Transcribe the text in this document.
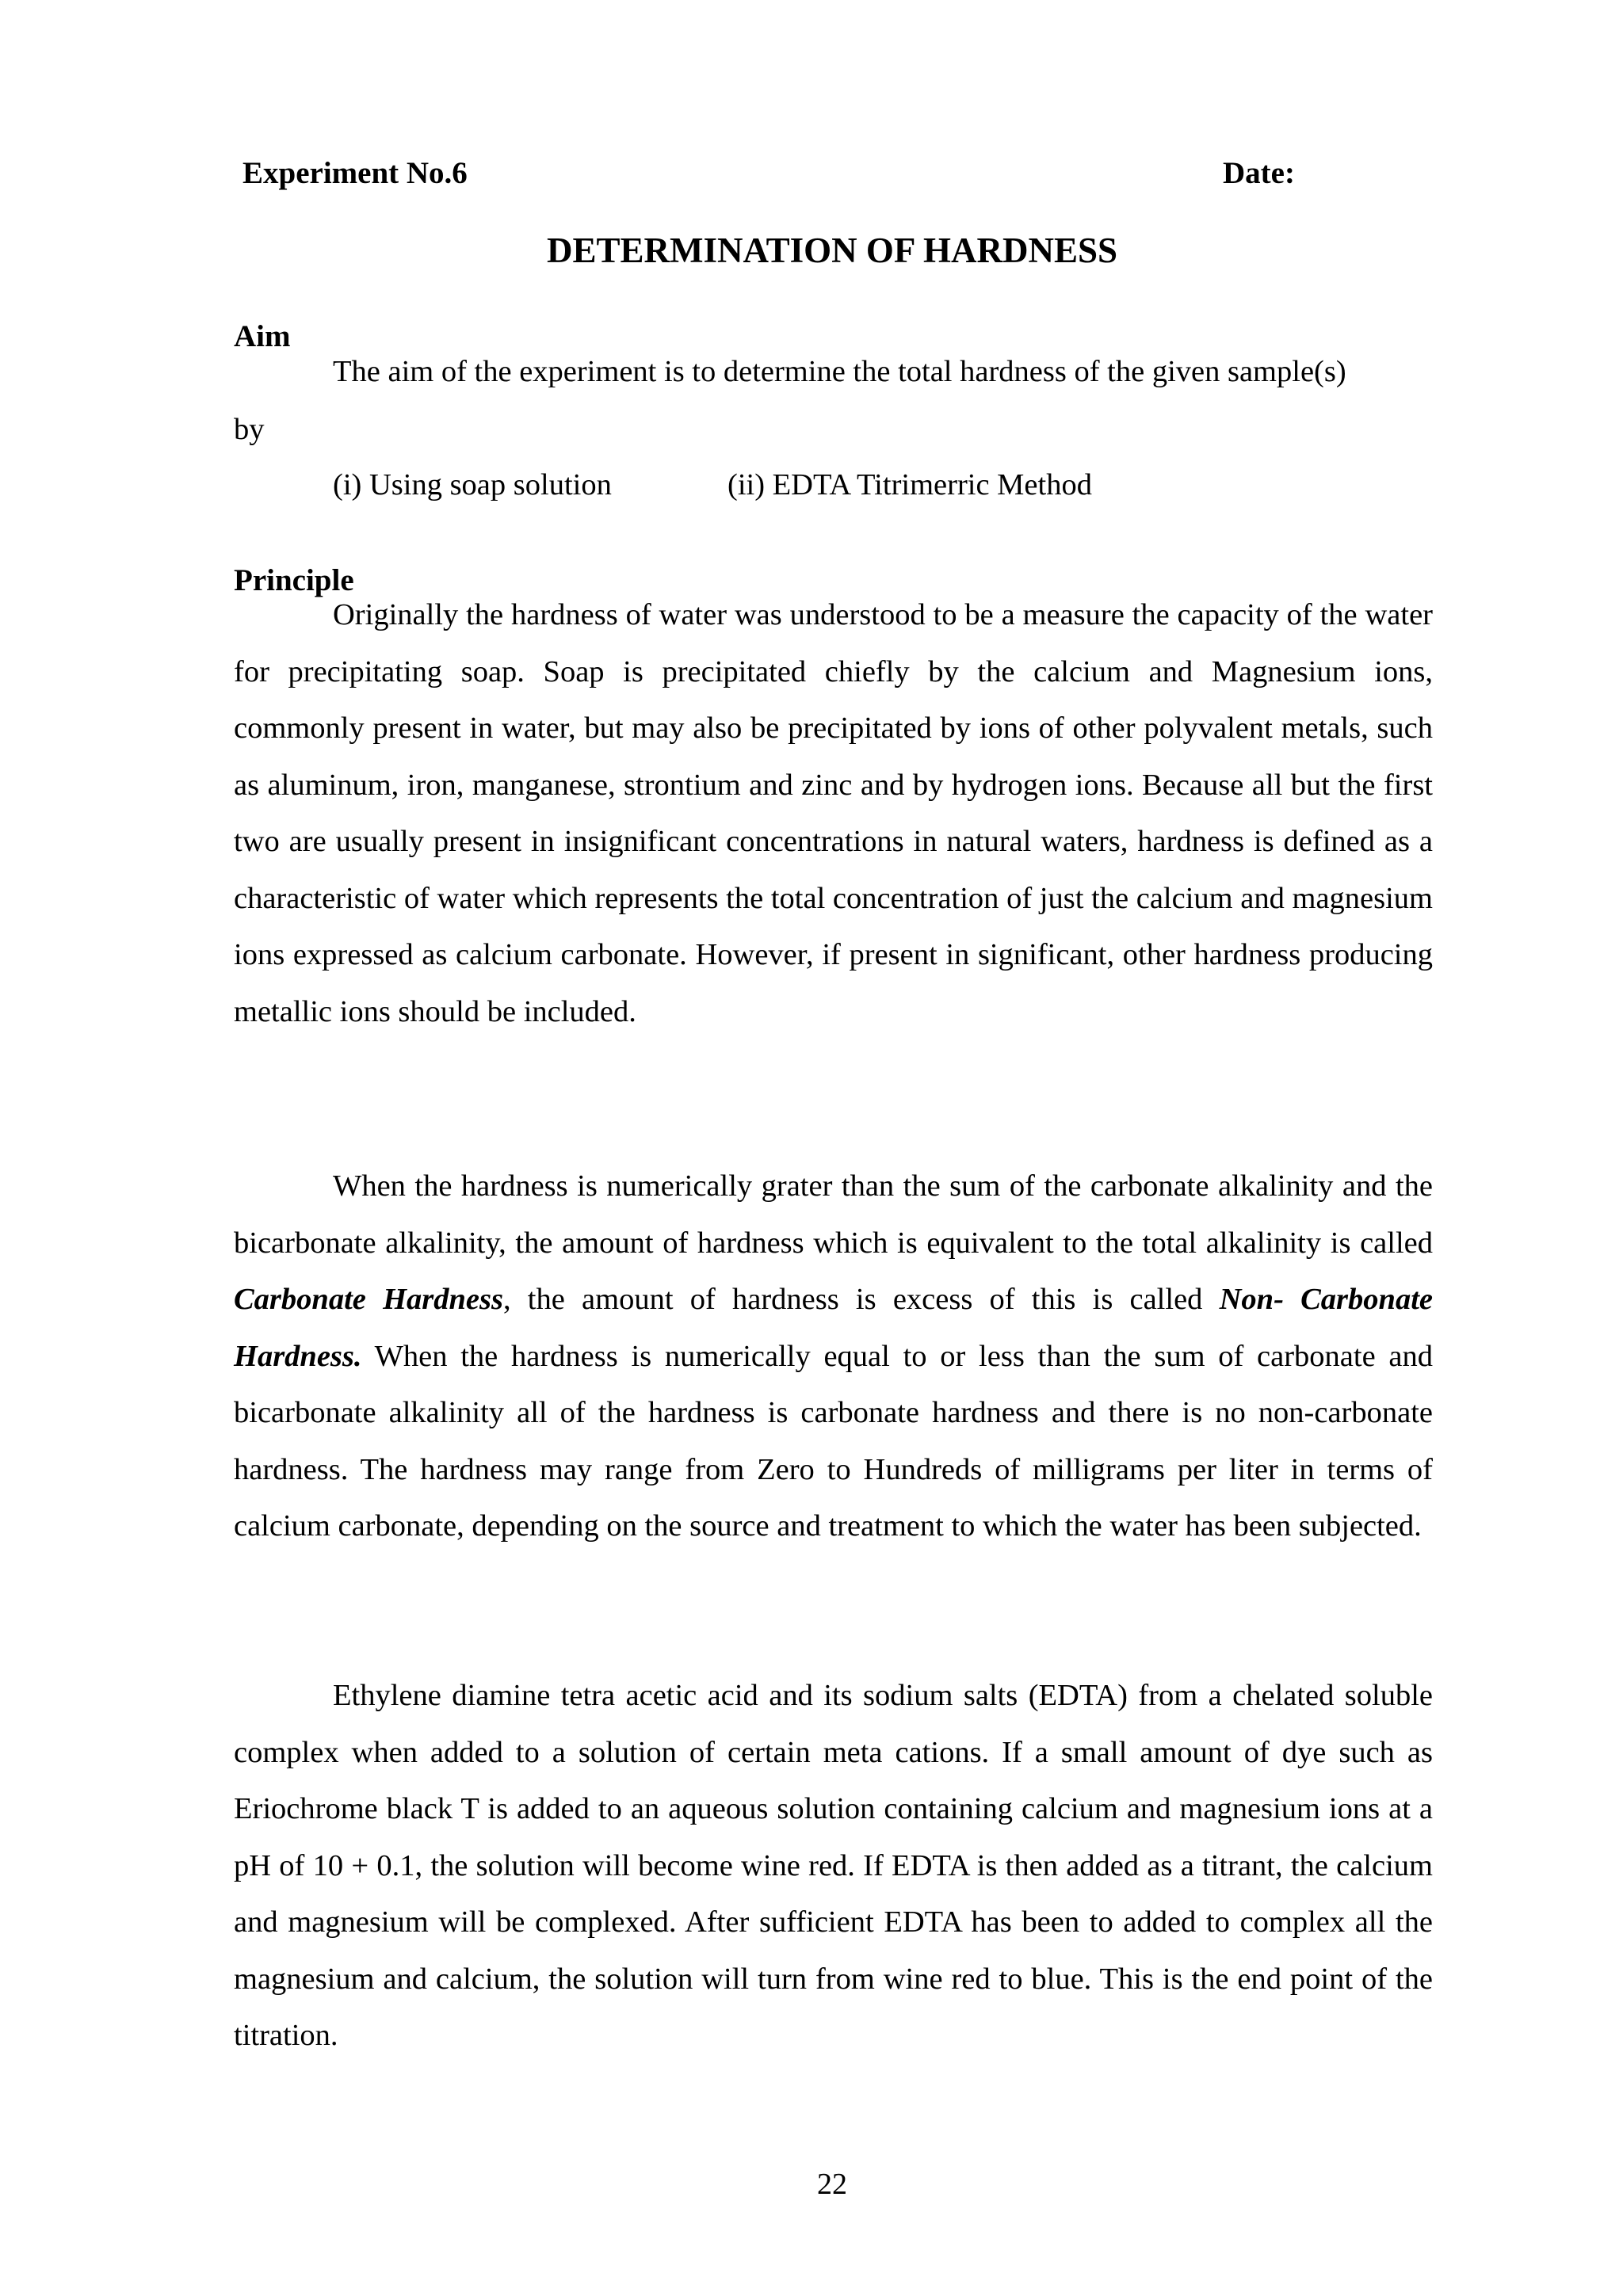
Experiment No.6	Date:
DETERMINATION OF HARDNESS
Aim
The aim of the experiment is to determine the total hardness of the given sample(s)
by
(i) Using soap solution	(ii) EDTA Titrimerric Method
Principle

Originally the hardness of water was understood to be a measure the capacity of the water for precipitating soap. Soap is precipitated chiefly by the calcium and Magnesium ions, commonly present in water, but may also be precipitated by ions of other polyvalent metals, such as aluminum, iron, manganese, strontium and zinc and by hydrogen ions. Because all but the first two are usually present in insignificant concentrations in natural waters, hardness is defined as a characteristic of water which represents the total concentration of just the calcium and magnesium ions expressed as calcium carbonate. However, if present in significant, other hardness producing metallic ions should be included.

When the hardness is numerically grater than the sum of the carbonate alkalinity and the bicarbonate alkalinity, the amount of hardness which is equivalent to the total alkalinity is called Carbonate Hardness, the amount of hardness is excess of this is called Non- Carbonate Hardness. When the hardness is numerically equal to or less than the sum of carbonate and bicarbonate alkalinity all of the hardness is carbonate hardness and there is no non-carbonate hardness. The hardness may range from Zero to Hundreds of milligrams per liter in terms of calcium carbonate, depending on the source and treatment to which the water has been subjected.

Ethylene diamine tetra acetic acid and its sodium salts (EDTA) from a chelated soluble complex when added to a solution of certain meta cations. If a small amount of dye such as Eriochrome black T is added to an aqueous solution containing calcium and magnesium ions at a pH of 10 + 0.1, the solution will become wine red. If EDTA is then added as a titrant, the calcium and magnesium will be complexed. After sufficient EDTA has been to added to complex all the magnesium and calcium, the solution will turn from wine red to blue. This is the end point of the titration.

22
